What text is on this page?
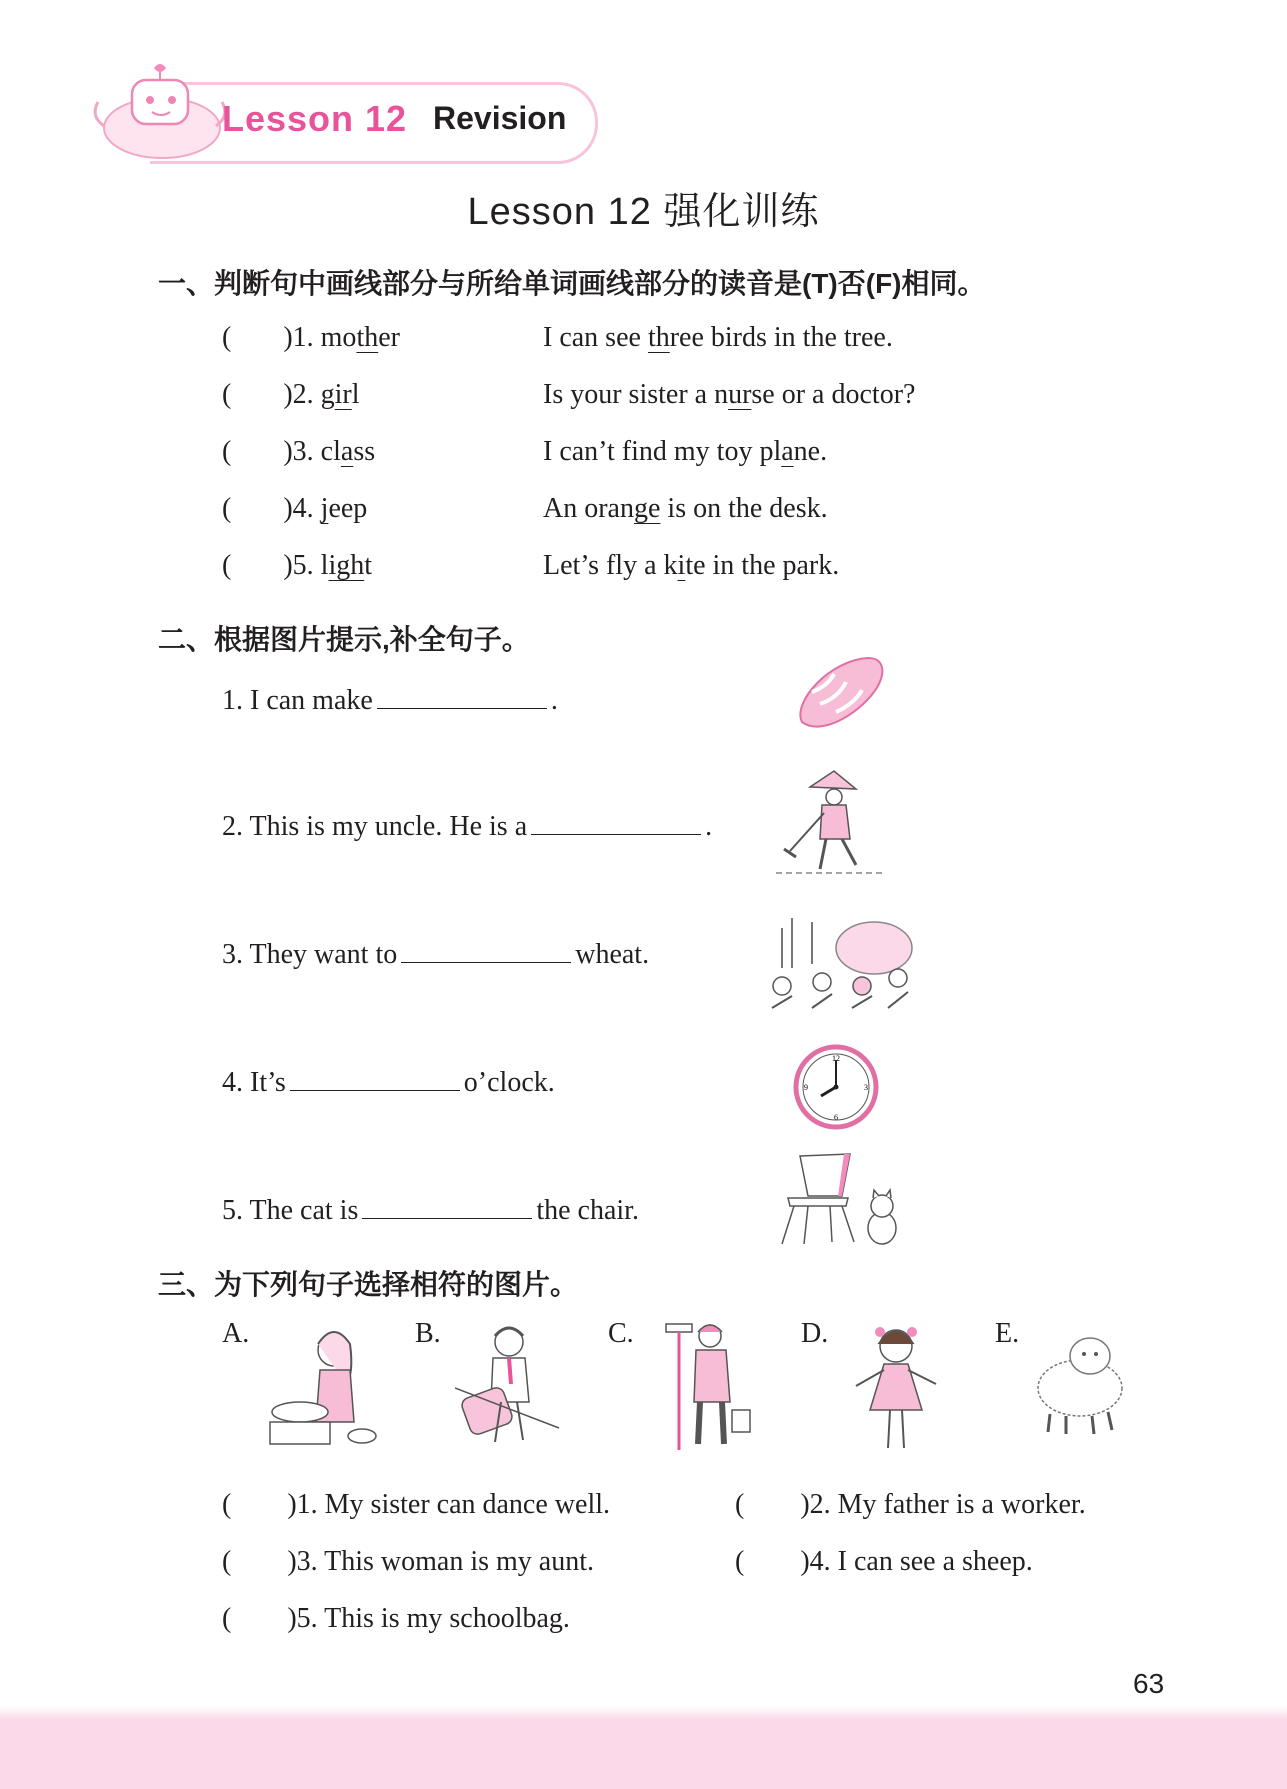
Lesson 12 Revision
Lesson 12 强化训练
一、判断句中画线部分与所给单词画线部分的读音是(T)否(F)相同。
( )1. mother	I can see three birds in the tree.
( )2. girl	Is your sister a nurse or a doctor?
( )3. class	I can’t find my toy plane.
( )4. jeep	An orange is on the desk.
( )5. light	Let’s fly a kite in the park.
二、根据图片提示,补全句子。
1. I can make	.
2. This is my uncle. He is a	.
3. They want to	wheat.
4. It’s	o’clock.
12
3
6
9
5. The cat is	the chair.
三、为下列句子选择相符的图片。
A.	B.	C.	D.	E.
( )1. My sister can dance well.	( )2. My father is a worker.
( )3. This woman is my aunt.	( )4. I can see a sheep.
( )5. This is my schoolbag.
63
